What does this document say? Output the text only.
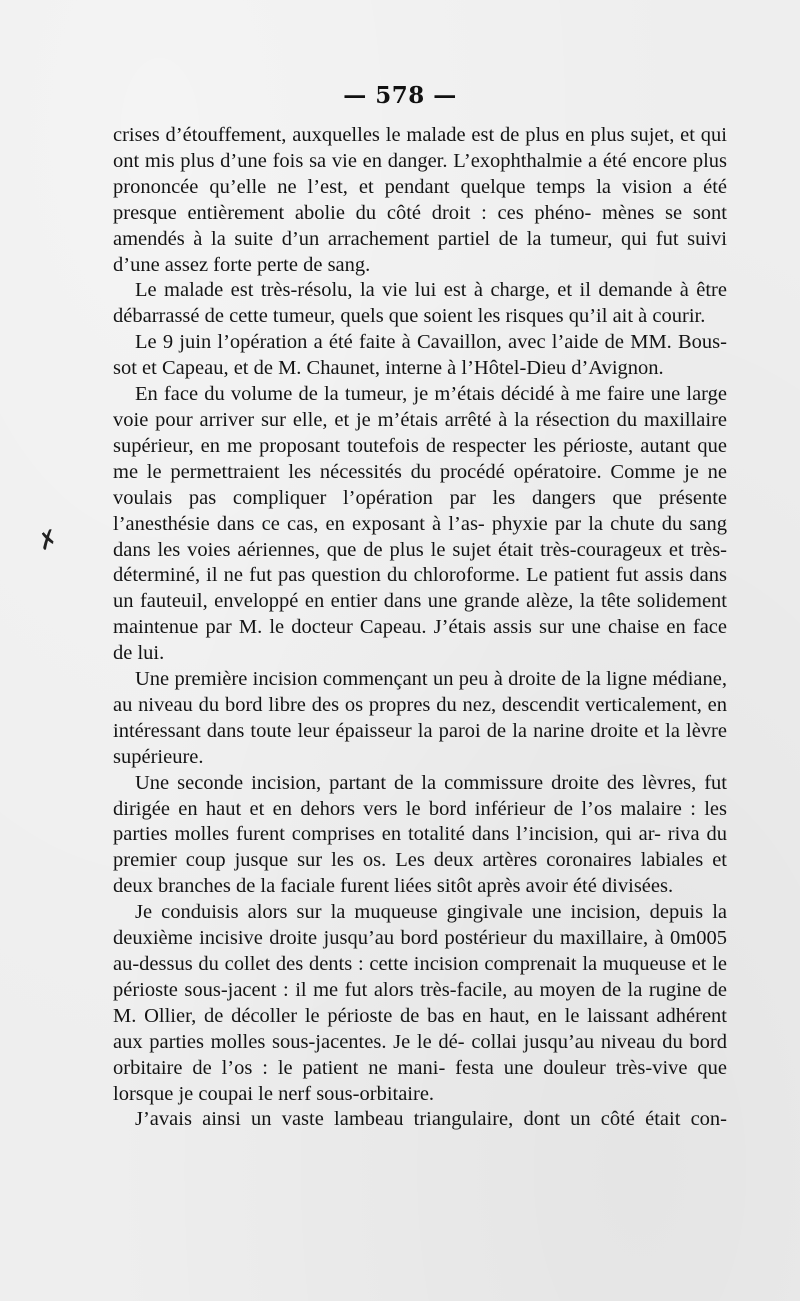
— 578 —
✗

crises d’étouffement, auxquelles le malade est de plus en plus sujet, et qui ont mis plus d’une fois sa vie en danger. L’exophthalmie a été encore plus prononcée qu’elle ne l’est, et pendant quelque temps la vision a été presque entièrement abolie du côté droit : ces phéno- mènes se sont amendés à la suite d’un arrachement partiel de la tumeur, qui fut suivi d’une assez forte perte de sang.

Le malade est très-résolu, la vie lui est à charge, et il demande à être débarrassé de cette tumeur, quels que soient les risques qu’il ait à courir.

Le 9 juin l’opération a été faite à Cavaillon, avec l’aide de MM. Bous- sot et Capeau, et de M. Chaunet, interne à l’Hôtel-Dieu d’Avignon.

En face du volume de la tumeur, je m’étais décidé à me faire une large voie pour arriver sur elle, et je m’étais arrêté à la résection du maxillaire supérieur, en me proposant toutefois de respecter les périoste, autant que me le permettraient les nécessités du procédé opératoire. Comme je ne voulais pas compliquer l’opération par les dangers que présente l’anesthésie dans ce cas, en exposant à l’as- phyxie par la chute du sang dans les voies aériennes, que de plus le sujet était très-courageux et très-déterminé, il ne fut pas question du chloroforme. Le patient fut assis dans un fauteuil, enveloppé en entier dans une grande alèze, la tête solidement maintenue par M. le docteur Capeau. J’étais assis sur une chaise en face de lui.

Une première incision commençant un peu à droite de la ligne médiane, au niveau du bord libre des os propres du nez, descendit verticalement, en intéressant dans toute leur épaisseur la paroi de la narine droite et la lèvre supérieure.

Une seconde incision, partant de la commissure droite des lèvres, fut dirigée en haut et en dehors vers le bord inférieur de l’os malaire : les parties molles furent comprises en totalité dans l’incision, qui ar- riva du premier coup jusque sur les os. Les deux artères coronaires labiales et deux branches de la faciale furent liées sitôt après avoir été divisées.

Je conduisis alors sur la muqueuse gingivale une incision, depuis la deuxième incisive droite jusqu’au bord postérieur du maxillaire, à 0m005 au-dessus du collet des dents : cette incision comprenait la muqueuse et le périoste sous-jacent : il me fut alors très-facile, au moyen de la rugine de M. Ollier, de décoller le périoste de bas en haut, en le laissant adhérent aux parties molles sous-jacentes. Je le dé- collai jusqu’au niveau du bord orbitaire de l’os : le patient ne mani- festa une douleur très-vive que lorsque je coupai le nerf sous-orbitaire.

J’avais ainsi un vaste lambeau triangulaire, dont un côté était con-
